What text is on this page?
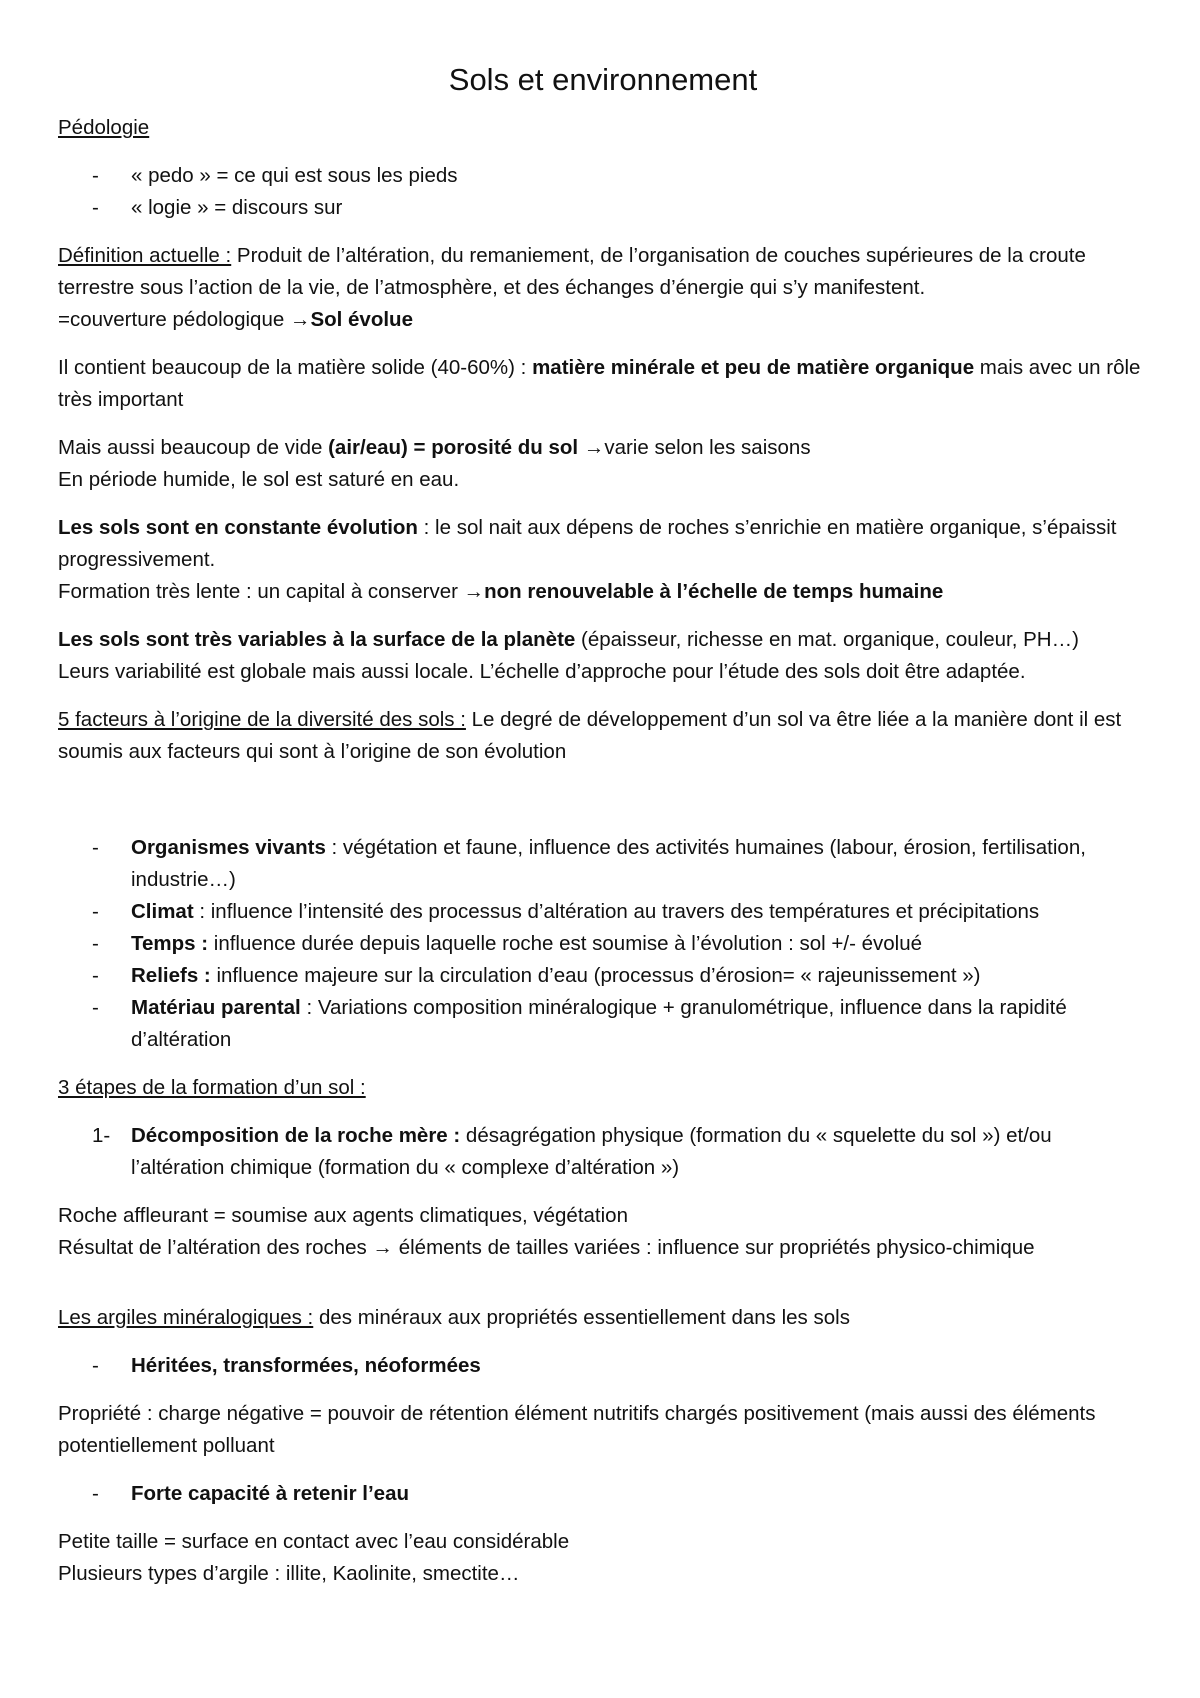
Sols et environnement

Pédologie

- « pedo » = ce qui est sous les pieds
- « logie » = discours sur

Définition actuelle : Produit de l’altération, du remaniement, de l’organisation de couches supérieures de la croute terrestre sous l’action de la vie, de l’atmosphère, et des échanges d’énergie qui s’y manifestent.
=couverture pédologique →Sol évolue

Il contient beaucoup de la matière solide (40-60%) : matière minérale et peu de matière organique mais avec un rôle très important

Mais aussi beaucoup de vide (air/eau) = porosité du sol →varie selon les saisons
En période humide, le sol est saturé en eau.

Les sols sont en constante évolution : le sol nait aux dépens de roches s’enrichie en matière organique, s’épaissit progressivement.
Formation très lente : un capital à conserver →non renouvelable à l’échelle de temps humaine

Les sols sont très variables à la surface de la planète (épaisseur, richesse en mat. organique, couleur, PH…)
Leurs variabilité est globale mais aussi locale. L’échelle d’approche pour l’étude des sols doit être adaptée.

5 facteurs à l’origine de la diversité des sols : Le degré de développement d’un sol va être liée a la manière dont il est soumis aux facteurs qui sont à l’origine de son évolution

- Organismes vivants : végétation et faune, influence des activités humaines (labour, érosion, fertilisation, industrie…)
- Climat : influence l’intensité des processus d’altération au travers des températures et précipitations
- Temps : influence durée depuis laquelle roche est soumise à l’évolution : sol +/- évolué
- Reliefs : influence majeure sur la circulation d’eau (processus d’érosion= « rajeunissement »)
- Matériau parental : Variations composition minéralogique + granulométrique, influence dans la rapidité d’altération

3 étapes de la formation d’un sol :

1- Décomposition de la roche mère : désagrégation physique (formation du « squelette du sol ») et/ou l’altération chimique (formation du « complexe d’altération »)

Roche affleurant = soumise aux agents climatiques, végétation
Résultat de l’altération des roches → éléments de tailles variées : influence sur propriétés physico-chimique

Les argiles minéralogiques : des minéraux aux propriétés essentiellement dans les sols

- Héritées, transformées, néoformées

Propriété : charge négative = pouvoir de rétention élément nutritifs chargés positivement (mais aussi des éléments potentiellement polluant

- Forte capacité à retenir l’eau

Petite taille = surface en contact avec l’eau considérable
Plusieurs types d’argile : illite, Kaolinite, smectite…
